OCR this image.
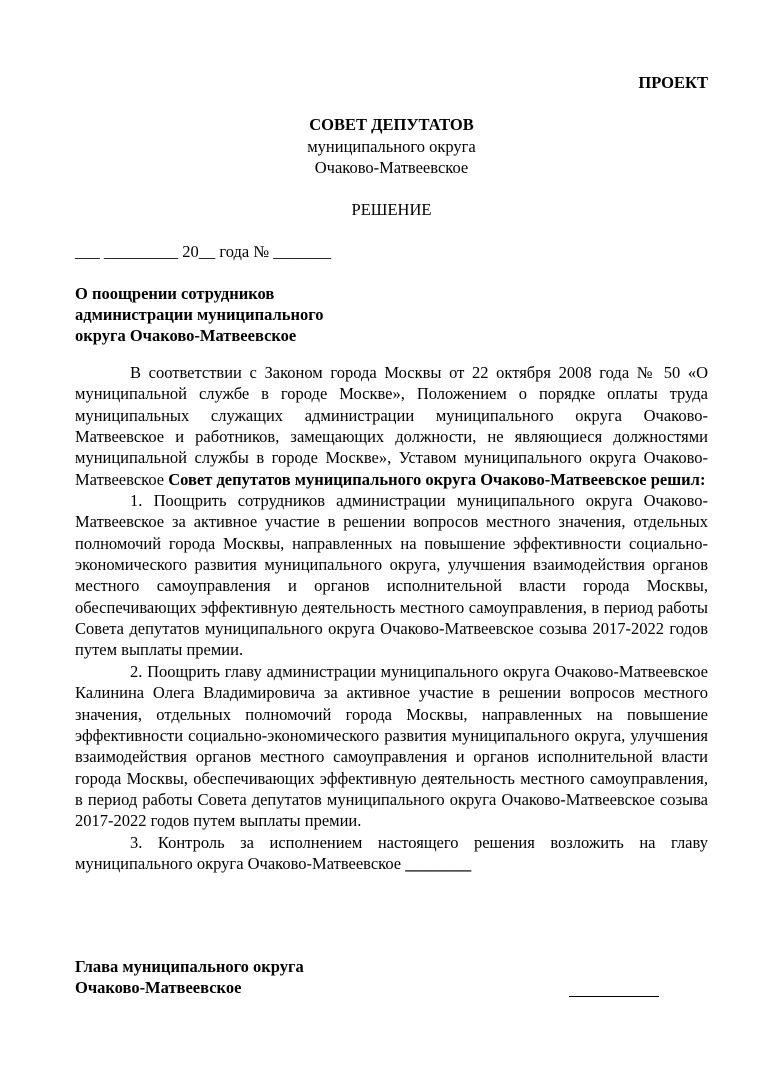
ПРОЕКТ
СОВЕТ ДЕПУТАТОВ
муниципального округа
Очаково-Матвеевское
РЕШЕНИЕ
___ _________ 20__ года № _______
О поощрении сотрудников
администрации муниципального
округа Очаково-Матвеевское

В соответствии с Законом города Москвы от 22 октября 2008 года № 50 «О муниципальной службе в городе Москве», Положением о порядке оплаты труда муниципальных служащих администрации муниципального округа Очаково-Матвеевское и работников, замещающих должности, не являющиеся должностями муниципальной службы в городе Москве», Уставом муниципального округа Очаково-Матвеевское Совет депутатов муниципального округа Очаково-Матвеевское решил:

1. Поощрить сотрудников администрации муниципального округа Очаково-Матвеевское за активное участие в решении вопросов местного значения, отдельных полномочий города Москвы, направленных на повышение эффективности социально-экономического развития муниципального округа, улучшения взаимодействия органов местного самоуправления и органов исполнительной власти города Москвы, обеспечивающих эффективную деятельность местного самоуправления, в период работы Совета депутатов муниципального округа Очаково-Матвеевское созыва 2017-2022 годов путем выплаты премии.

2. Поощрить главу администрации муниципального округа Очаково-Матвеевское Калинина Олега Владимировича за активное участие в решении вопросов местного значения, отдельных полномочий города Москвы, направленных на повышение эффективности социально-экономического развития муниципального округа, улучшения взаимодействия органов местного самоуправления и органов исполнительной власти города Москвы, обеспечивающих эффективную деятельность местного самоуправления, в период работы Совета депутатов муниципального округа Очаково-Матвеевское созыва 2017-2022 годов путем выплаты премии.

3. Контроль за исполнением настоящего решения возложить на главу муниципального округа Очаково-Матвеевское ________

Глава муниципального округа
Очаково-Матвеевское
